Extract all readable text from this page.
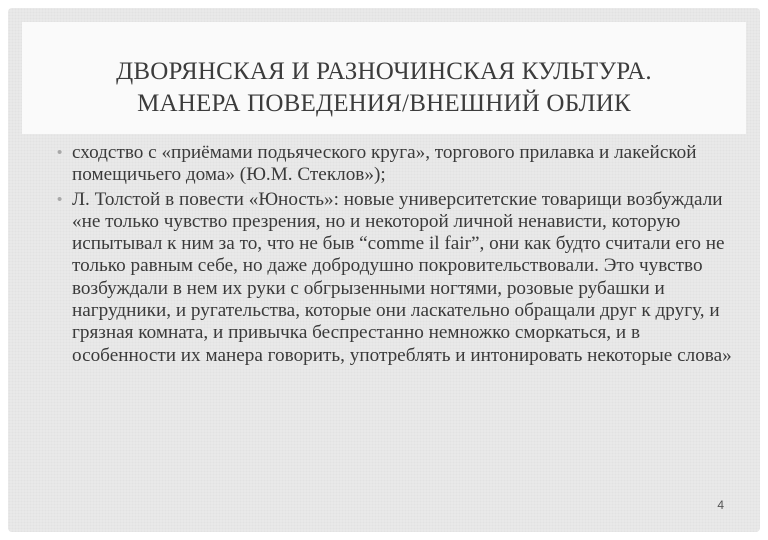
ДВОРЯНСКАЯ И РАЗНОЧИНСКАЯ КУЛЬТУРА.
МАНЕРА ПОВЕДЕНИЯ/ВНЕШНИЙ ОБЛИК
• сходство с «приёмами подьяческого круга», торгового прилавка и лакейской помещичьего дома» (Ю.М. Стеклов»);
• Л. Толстой в повести «Юность»: новые университетские товарищи возбуждали «не только чувство презрения, но и некоторой личной ненависти, которую испытывал к ним за то, что не быв “comme il fair”, они как будто считали его не только равным себе, но даже добродушно покровительствовали. Это чувство возбуждали в нем их руки с обгрызенными ногтями, розовые рубашки и нагрудники, и ругательства, которые они ласкательно обращали друг к другу, и грязная комната, и привычка беспрестанно немножко сморкаться, и в особенности их манера говорить, употреблять и интонировать некоторые слова»
4
